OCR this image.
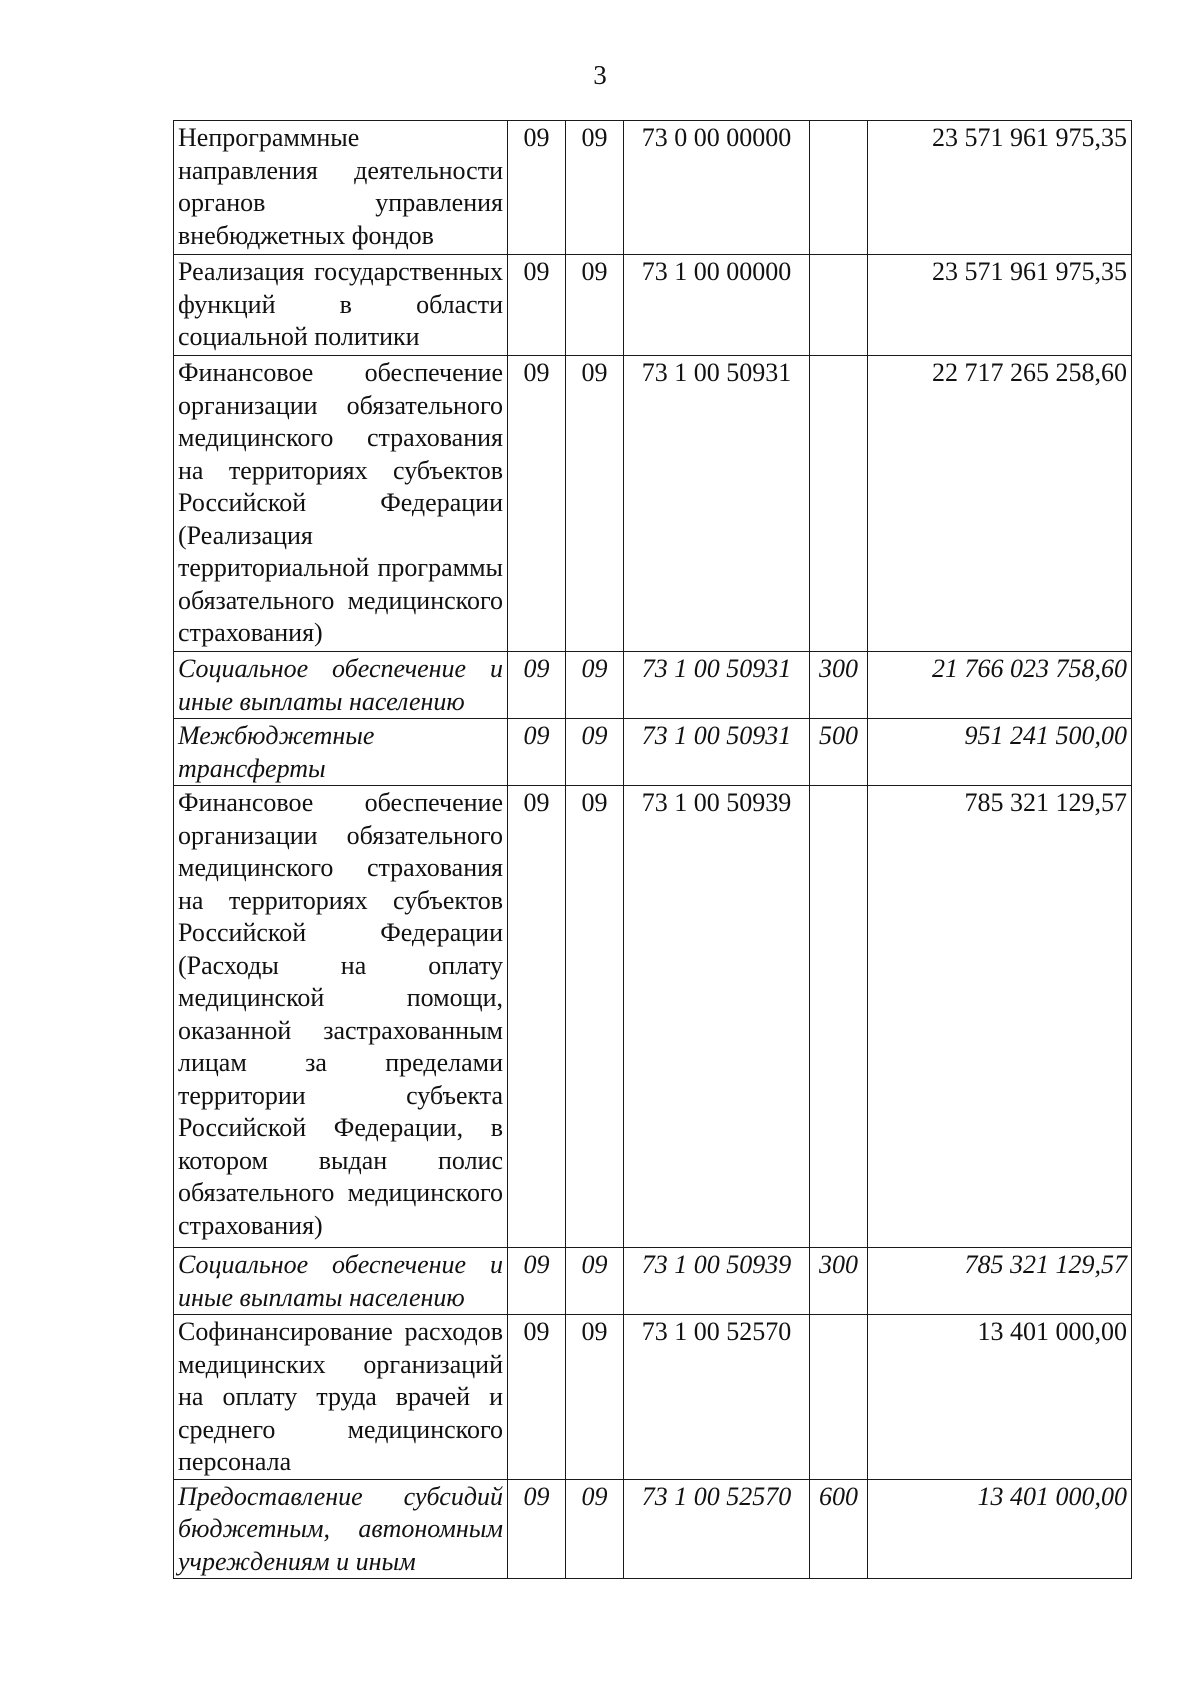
3
Непрограммные направления деятельности органов управления внебюджетных фондов	09	09	73 0 00 00000		23 571 961 975,35
Реализация государственных функций в области социальной политики	09	09	73 1 00 00000		23 571 961 975,35
Финансовое обеспечение организации обязательного медицинского страхования на территориях субъектов Российской Федерации (Реализация территориальной программы обязательного медицинского страхования)	09	09	73 1 00 50931		22 717 265 258,60
Социальное обеспечение и иные выплаты населению	09	09	73 1 00 50931	300	21 766 023 758,60
Межбюджетные трансферты	09	09	73 1 00 50931	500	951 241 500,00
Финансовое обеспечение организации обязательного медицинского страхования на территориях субъектов Российской Федерации (Расходы на оплату медицинской помощи, оказанной застрахованным лицам за пределами территории субъекта Российской Федерации, в котором выдан полис обязательного медицинского страхования)	09	09	73 1 00 50939		785 321 129,57
Социальное обеспечение и иные выплаты населению	09	09	73 1 00 50939	300	785 321 129,57
Софинансирование расходов медицинских организаций на оплату труда врачей и среднего медицинского персонала	09	09	73 1 00 52570		13 401 000,00
Предоставление субсидий бюджетным, автономным учреждениям и иным	09	09	73 1 00 52570	600	13 401 000,00
